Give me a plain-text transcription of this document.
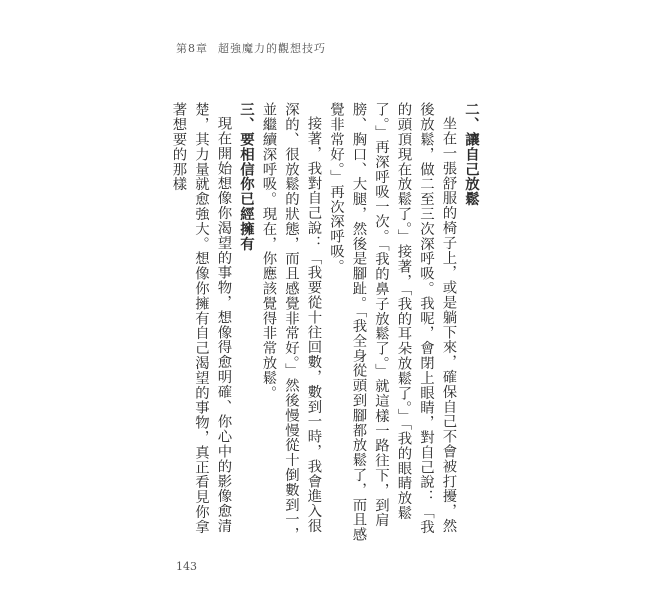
第8章 超強魔力的觀想技巧

二、讓自己放鬆

坐在一張舒服的椅子上，或是躺下來，確保自己不會被打擾，然後放鬆，做二至三次深呼吸。我呢，會閉上眼睛，對自己說：「我的頭頂現在放鬆了。」接著，「我的耳朵放鬆了。」「我的眼睛放鬆了。」再深呼吸一次。「我的鼻子放鬆了。」就這樣一路往下，到肩膀、胸口、大腿，然後是腳趾。「我全身從頭到腳都放鬆了，而且感覺非常好。」再次深呼吸。

接著，我對自己說：「我要從十往回數，數到一時，我會進入很深的、很放鬆的狀態，而且感覺非常好。」然後慢慢從十倒數到一，並繼續深呼吸。現在，你應該覺得非常放鬆。

三、要相信你已經擁有

現在開始想像你渴望的事物，想像得愈明確、你心中的影像愈清楚，其力量就愈強大。想像你擁有自己渴望的事物，真正看見你拿著想要的那樣

143
